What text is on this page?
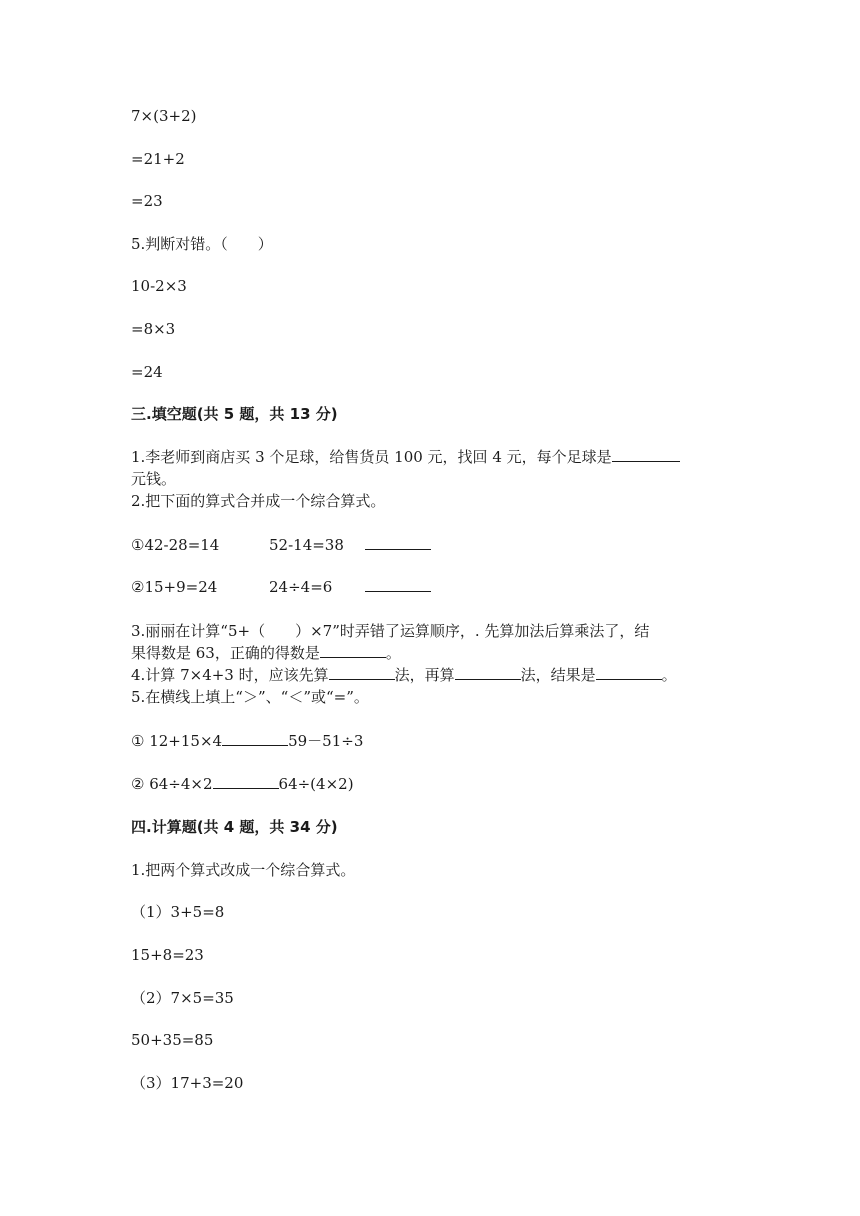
7×(3+2)
=21+2
=23
5.判断对错。（　　）
10-2×3
=8×3
=24
三.填空题(共 5 题，共 13 分)
1.李老师到商店买 3 个足球，给售货员 100 元，找回 4 元，每个足球是
元钱。
2.把下面的算式合并成一个综合算式。
①42-28=14	52-14=38
②15+9=24	24÷4=6
3.丽丽在计算“5+（　　）×7”时弄错了运算顺序，. 先算加法后算乘法了，结
果得数是 63，正确的得数是	。
4.计算 7×4+3 时，应该先算	法，再算	法，结果是	。
5.在横线上填上“＞”、“＜”或“=”。
① 12+15×4	59－51÷3
② 64÷4×2	64÷(4×2)
四.计算题(共 4 题，共 34 分)
1.把两个算式改成一个综合算式。
（1）3+5=8
15+8=23
（2）7×5=35
50+35=85
（3）17+3=20
